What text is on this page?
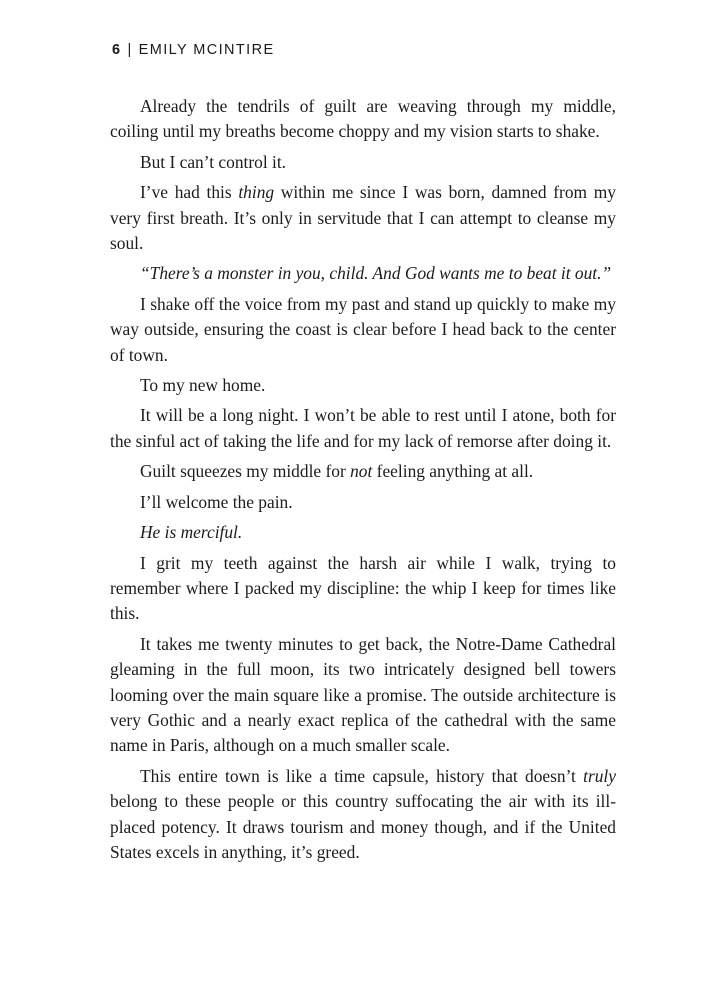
6 | EMILY MCINTIRE

Already the tendrils of guilt are weaving through my middle, coiling until my breaths become choppy and my vision starts to shake.

But I can’t control it.

I’ve had this thing within me since I was born, damned from my very first breath. It’s only in servitude that I can attempt to cleanse my soul.

“There’s a monster in you, child. And God wants me to beat it out.”

I shake off the voice from my past and stand up quickly to make my way outside, ensuring the coast is clear before I head back to the center of town.

To my new home.

It will be a long night. I won’t be able to rest until I atone, both for the sinful act of taking the life and for my lack of remorse after doing it.

Guilt squeezes my middle for not feeling anything at all.

I’ll welcome the pain.

He is merciful.

I grit my teeth against the harsh air while I walk, trying to remember where I packed my discipline: the whip I keep for times like this.

It takes me twenty minutes to get back, the Notre-Dame Cathedral gleaming in the full moon, its two intricately designed bell towers looming over the main square like a promise. The outside architecture is very Gothic and a nearly exact replica of the cathedral with the same name in Paris, although on a much smaller scale.

This entire town is like a time capsule, history that doesn’t truly belong to these people or this country suffocating the air with its ill-placed potency. It draws tourism and money though, and if the United States excels in anything, it’s greed.
